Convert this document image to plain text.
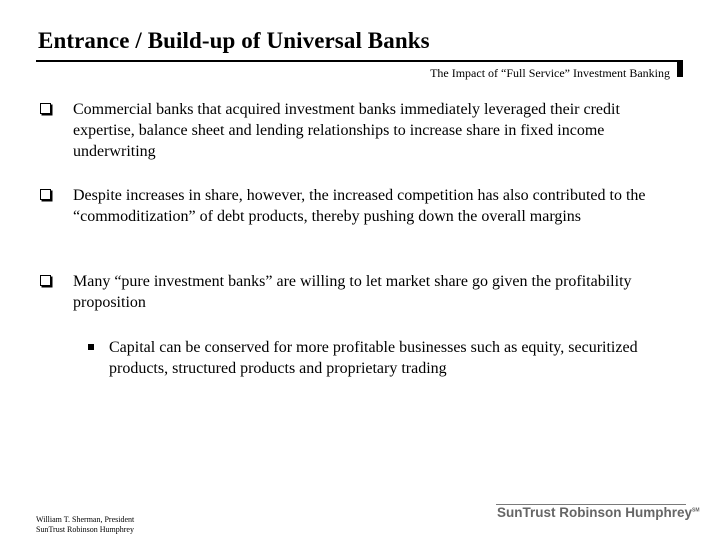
Entrance / Build-up of Universal Banks
The Impact of “Full Service” Investment Banking
Commercial banks that acquired investment banks immediately leveraged their credit expertise, balance sheet and lending relationships to increase share in fixed income underwriting
Despite increases in share, however, the increased competition has also contributed to the “commoditization” of debt products, thereby pushing down the overall margins
Many “pure investment banks” are willing to let market share go given the profitability proposition
Capital can be conserved for more profitable businesses such as equity, securitized products, structured products and proprietary trading
William T. Sherman, President
SunTrust Robinson Humphrey
SunTrust Robinson Humphrey℠
